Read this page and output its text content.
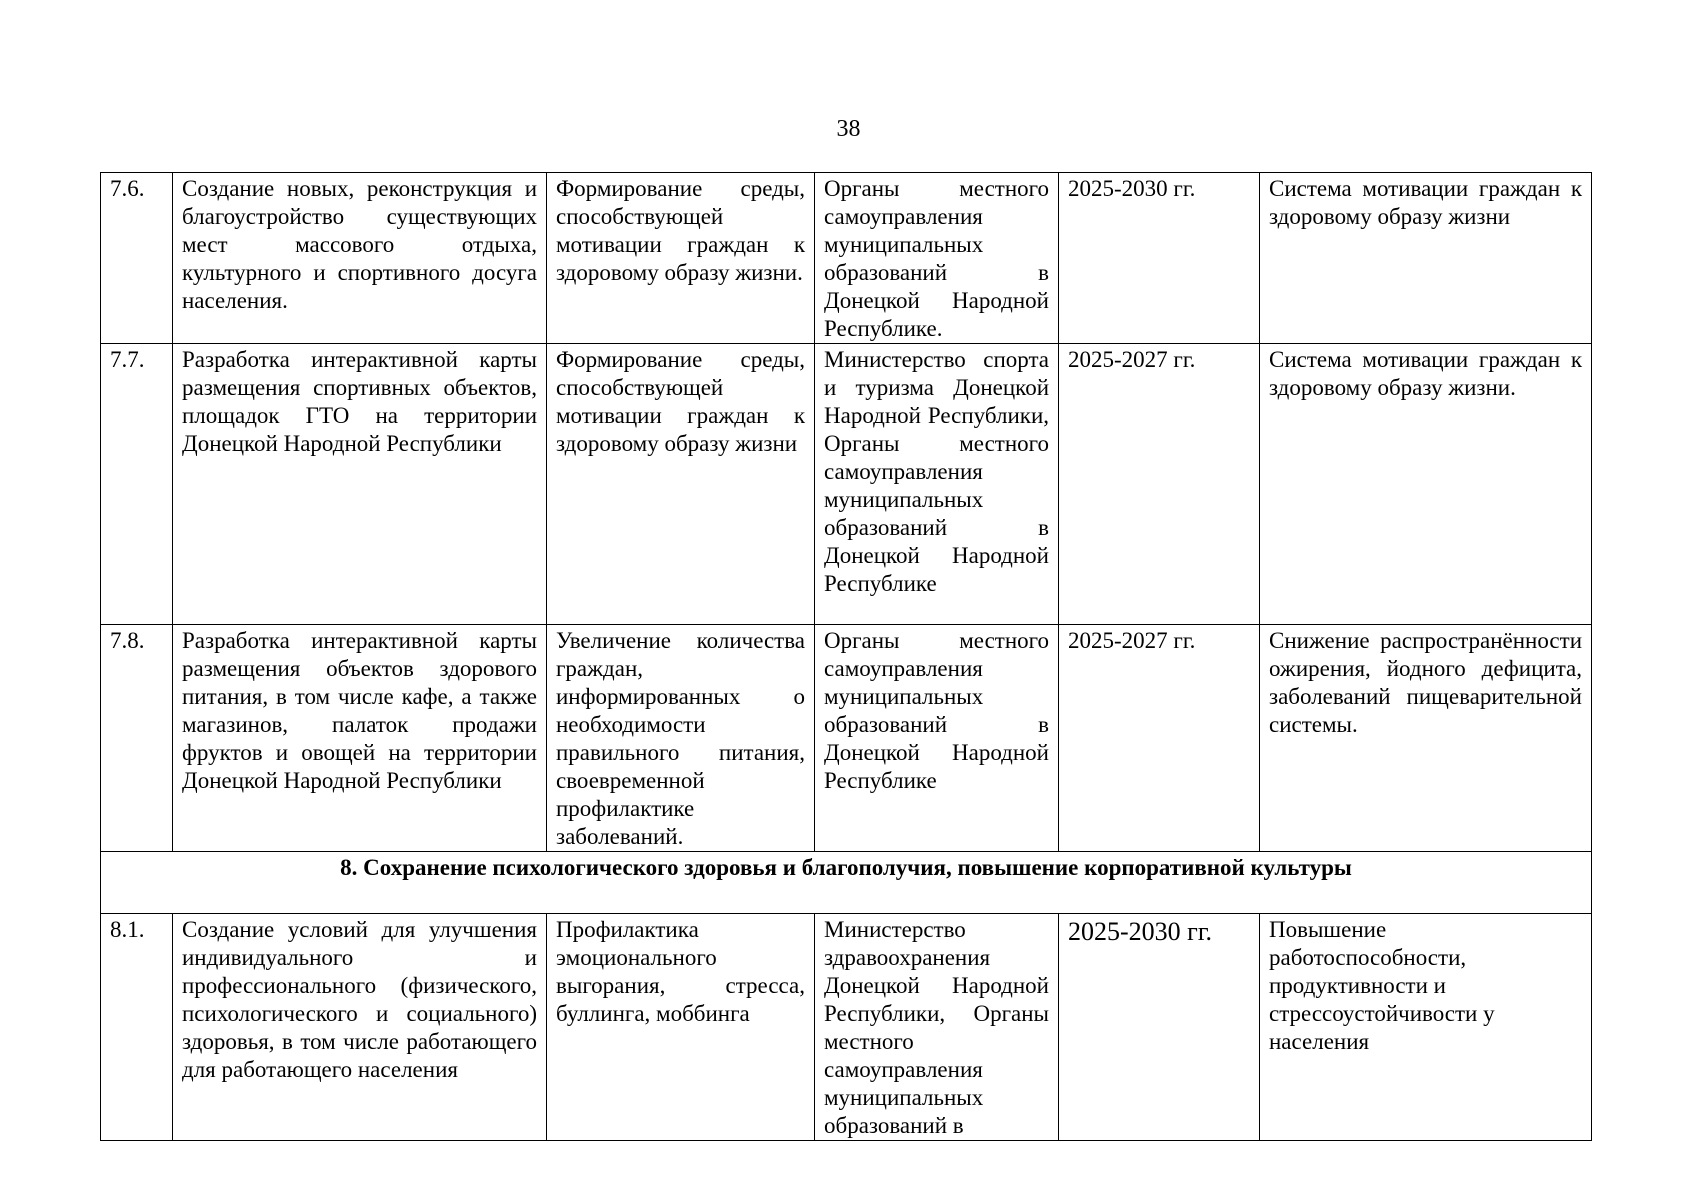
38
7.6.	Создание новых, реконструкция и благоустройство существующих мест массового отдыха, культурного и спортивного досуга населения.	Формирование среды, способствующей мотивации граждан к здоровому образу жизни.	Органы местного самоуправления муниципальных образований в Донецкой Народной Республике.	2025-2030 гг.	Система мотивации граждан к здоровому образу жизни
7.7.	Разработка интерактивной карты размещения спортивных объектов, площадок ГТО на территории Донецкой Народной Республики	Формирование среды, способствующей мотивации граждан к здоровому образу жизни	Министерство спорта и туризма Донецкой Народной Республики, Органы местного самоуправления муниципальных образований в Донецкой Народной Республике	2025-2027 гг.	Система мотивации граждан к здоровому образу жизни.
7.8.	Разработка интерактивной карты размещения объектов здорового питания, в том числе кафе, а также магазинов, палаток продажи фруктов и овощей на территории Донецкой Народной Республики	Увеличение количества граждан, информированных о необходимости правильного питания, своевременной профилактике заболеваний.	Органы местного самоуправления муниципальных образований в Донецкой Народной Республике	2025-2027 гг.	Снижение распространённости ожирения, йодного дефицита, заболеваний пищеварительной системы.
8. Сохранение психологического здоровья и благополучия, повышение корпоративной культуры					
8.1.	Создание условий для улучшения индивидуального и профессионального (физического, психологического и социального) здоровья, в том числе работающего для работающего населения	Профилактика эмоционального выгорания, стресса, буллинга, моббинга	Министерство здравоохранения Донецкой Народной Республики, Органы местного самоуправления муниципальных образований в	2025-2030 гг.	Повышение работоспособности, продуктивности и стрессоустойчивости у населения
